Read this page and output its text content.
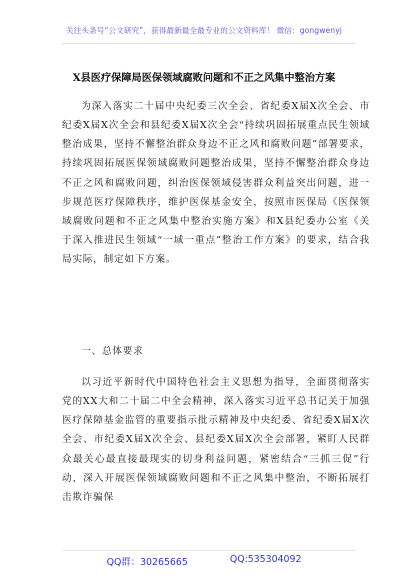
关注头条号“公文研究”，获得最新最全最专业的公文资料库！ 微信：gongwenyj
X县医疗保障局医保领域腐败问题和不正之风集中整治方案

为深入落实二十届中央纪委三次全会、省纪委X届X次全会、市纪委X届X次全会和县纪委X届X次全会“持续巩固拓展重点民生领域整治成果，坚持不懈整治群众身边不正之风和腐败问题”部署要求，持续巩固拓展医保领域腐败问题整治成果，坚持不懈整治群众身边不正之风和腐败问题，纠治医保领域侵害群众利益突出问题，进一步规范医疗保障秩序，维护医保基金安全，按照市医保局《医保领域腐败问题和不正之风集中整治实施方案》和X县纪委办公室《关于深入推进民生领域“一域一重点”整治工作方案》的要求，结合我局实际，制定如下方案。

一、总体要求

以习近平新时代中国特色社会主义思想为指导，全面贯彻落实党的XX大和二十届二中全会精神，深入落实习近平总书记关于加强医疗保障基金监管的重要指示批示精神及中央纪委、省纪委X届X次全会、市纪委X届X次全会、县纪委X届X次全会部署，紧盯人民群众最关心最直接最现实的切身利益问题，紧密结合“三抓三促”行动，深入开展医保领域腐败问题和不正之风集中整治，不断拓展打击欺诈骗保

QQ群：30265665	QQ:535304092
